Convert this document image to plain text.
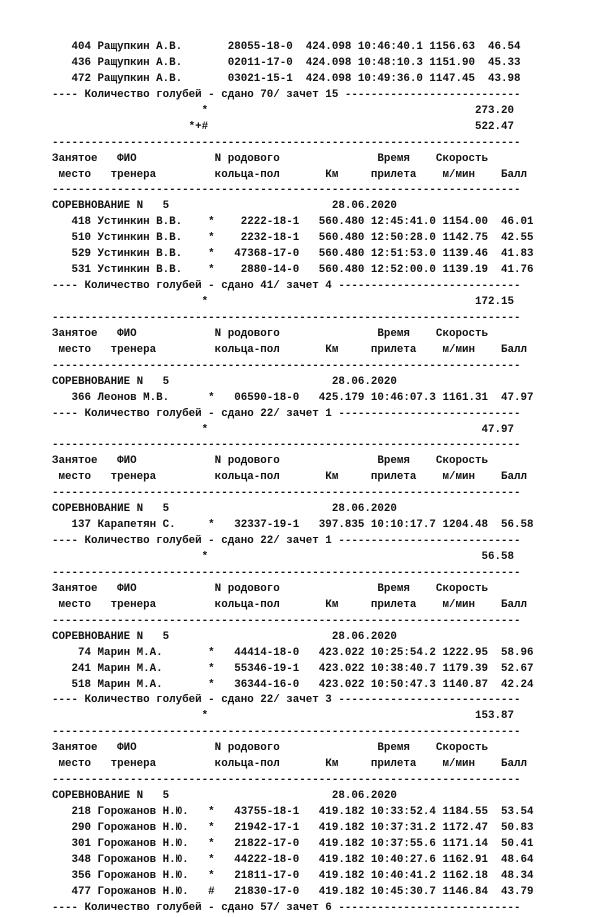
404 Ращупкин А.В.       28055-18-0  424.098 10:46:40.1 1156.63  46.54
436 Ращупкин А.В.       02011-17-0  424.098 10:48:10.3 1151.90  45.33
472 Ращупкин А.В.       03021-15-1  424.098 10:49:36.0 1147.45  43.98
---- Количество голубей - сдано 70/ зачет 15 ---------------------------
*                                         273.20
*+#                                         522.47
------------------------------------------------------------------------
Занятое   ФИО            N родового               Время    Скорость
место   тренера         кольца-пол       Км     прилета    м/мин    Балл
------------------------------------------------------------------------
СОРЕВНОВАНИЕ N   5                         28.06.2020
418 Устинкин В.В.    *    2222-18-1   560.480 12:45:41.0 1154.00  46.01
510 Устинкин В.В.    *    2232-18-1   560.480 12:50:28.0 1142.75  42.55
529 Устинкин В.В.    *   47368-17-0   560.480 12:51:53.0 1139.46  41.83
531 Устинкин В.В.    *    2880-14-0   560.480 12:52:00.0 1139.19  41.76
---- Количество голубей - сдано 41/ зачет 4 ----------------------------
*                                         172.15
------------------------------------------------------------------------
Занятое   ФИО            N родового               Время    Скорость
место   тренера         кольца-пол       Км     прилета    м/мин    Балл
------------------------------------------------------------------------
СОРЕВНОВАНИЕ N   5                         28.06.2020
366 Леонов М.В.      *   06590-18-0   425.179 10:46:07.3 1161.31  47.97
---- Количество голубей - сдано 22/ зачет 1 ----------------------------
*                                          47.97
------------------------------------------------------------------------
Занятое   ФИО            N родового               Время    Скорость
место   тренера         кольца-пол       Км     прилета    м/мин    Балл
------------------------------------------------------------------------
СОРЕВНОВАНИЕ N   5                         28.06.2020
137 Карапетян С.     *   32337-19-1   397.835 10:10:17.7 1204.48  56.58
---- Количество голубей - сдано 22/ зачет 1 ----------------------------
*                                          56.58
------------------------------------------------------------------------
Занятое   ФИО            N родового               Время    Скорость
место   тренера         кольца-пол       Км     прилета    м/мин    Балл
------------------------------------------------------------------------
СОРЕВНОВАНИЕ N   5                         28.06.2020
74 Марин М.А.       *   44414-18-0   423.022 10:25:54.2 1222.95  58.96
241 Марин М.А.       *   55346-19-1   423.022 10:38:40.7 1179.39  52.67
518 Марин М.А.       *   36344-16-0   423.022 10:50:47.3 1140.87  42.24
---- Количество голубей - сдано 22/ зачет 3 ----------------------------
*                                         153.87
------------------------------------------------------------------------
Занятое   ФИО            N родового               Время    Скорость
место   тренера         кольца-пол       Км     прилета    м/мин    Балл
------------------------------------------------------------------------
СОРЕВНОВАНИЕ N   5                         28.06.2020
218 Горожанов Н.Ю.   *   43755-18-1   419.182 10:33:52.4 1184.55  53.54
290 Горожанов Н.Ю.   *   21942-17-1   419.182 10:37:31.2 1172.47  50.83
301 Горожанов Н.Ю.   *   21822-17-0   419.182 10:37:55.6 1171.14  50.41
348 Горожанов Н.Ю.   *   44222-18-0   419.182 10:40:27.6 1162.91  48.64
356 Горожанов Н.Ю.   *   21811-17-0   419.182 10:40:41.2 1162.18  48.34
477 Горожанов Н.Ю.   #   21830-17-0   419.182 10:45:30.7 1146.84  43.79
---- Количество голубей - сдано 57/ зачет 6 ----------------------------
